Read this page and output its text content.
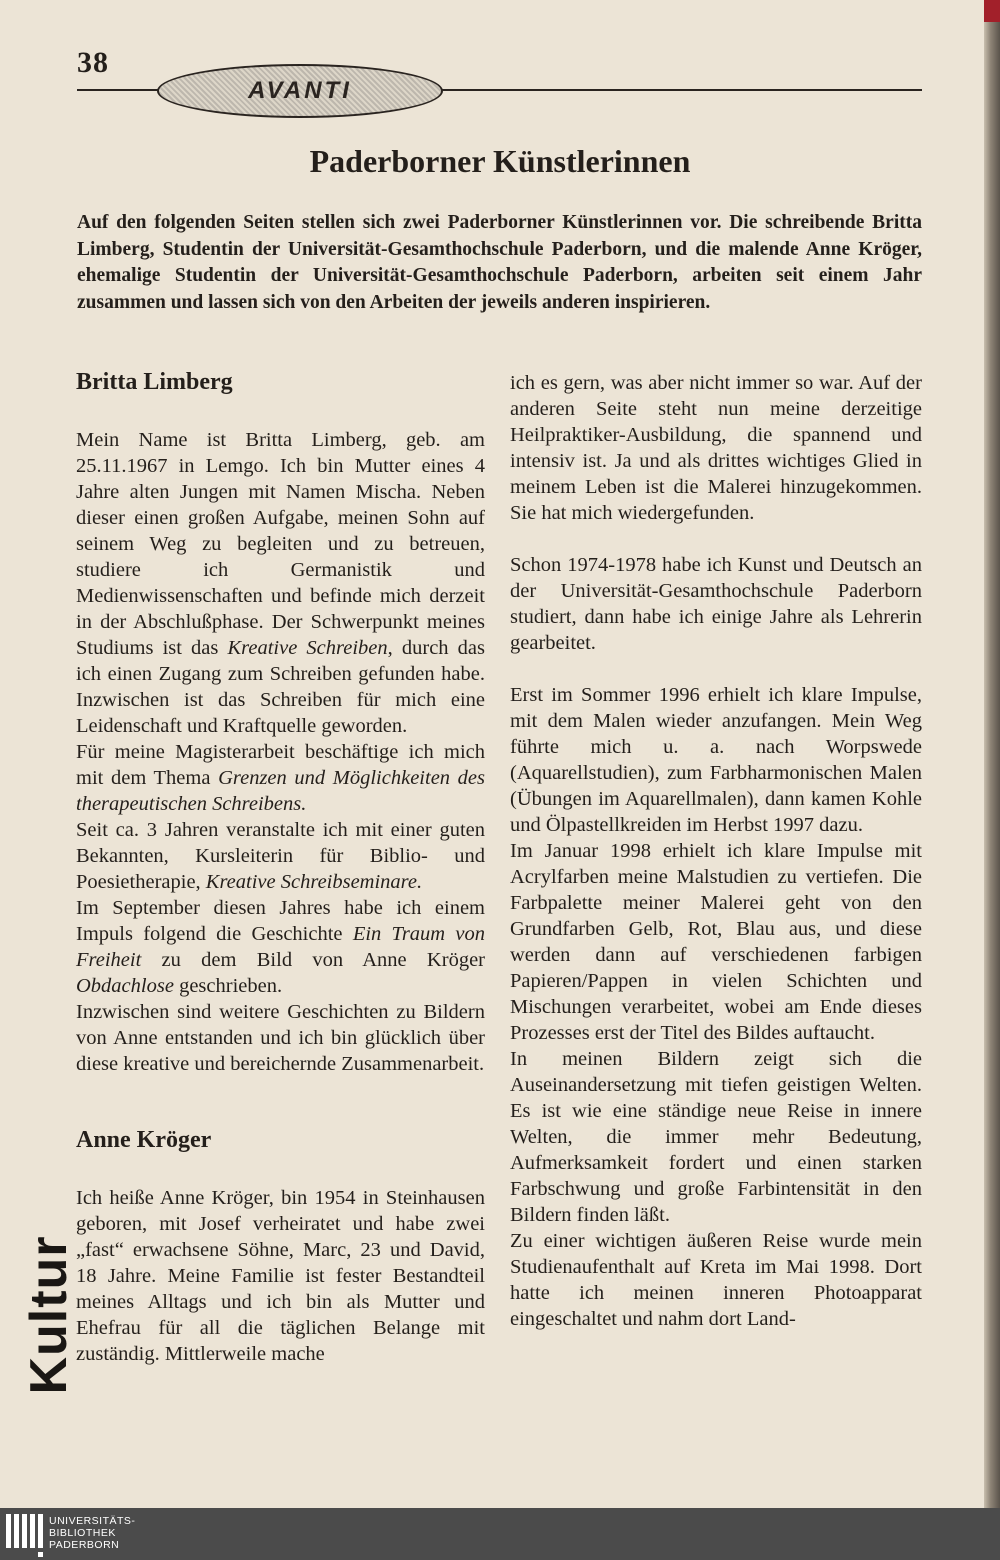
38
AVANTI
Paderborner Künstlerinnen

Auf den folgenden Seiten stellen sich zwei Paderborner Künstlerinnen vor. Die schreibende Britta Limberg, Studentin der Universität-Gesamthochschule Paderborn, und die malende Anne Kröger, ehemalige Studentin der Universität-Gesamthochschule Paderborn, arbeiten seit einem Jahr zusammen und lassen sich von den Arbeiten der jeweils anderen inspirieren.

Britta Limberg

Mein Name ist Britta Limberg, geb. am 25.11.1967 in Lemgo. Ich bin Mutter eines 4 Jahre alten Jungen mit Namen Mischa. Neben dieser einen großen Aufgabe, meinen Sohn auf seinem Weg zu begleiten und zu betreuen, studiere ich Germanistik und Medienwissenschaften und befinde mich derzeit in der Abschlußphase. Der Schwerpunkt meines Studiums ist das Kreative Schreiben, durch das ich einen Zugang zum Schreiben gefunden habe. Inzwischen ist das Schreiben für mich eine Leidenschaft und Kraftquelle geworden.

Für meine Magisterarbeit beschäftige ich mich mit dem Thema Grenzen und Möglichkeiten des therapeutischen Schreibens.

Seit ca. 3 Jahren veranstalte ich mit einer guten Bekannten, Kursleiterin für Biblio- und Poesietherapie, Kreative Schreibseminare.

Im September diesen Jahres habe ich einem Impuls folgend die Geschichte Ein Traum von Freiheit zu dem Bild von Anne Kröger Obdachlose geschrieben.

Inzwischen sind weitere Geschichten zu Bildern von Anne entstanden und ich bin glücklich über diese kreative und bereichernde Zusammenarbeit.

Anne Kröger

Ich heiße Anne Kröger, bin 1954 in Steinhausen geboren, mit Josef verheiratet und habe zwei „fast“ erwachsene Söhne, Marc, 23 und David, 18 Jahre. Meine Familie ist fester Bestandteil meines Alltags und ich bin als Mutter und Ehefrau für all die täglichen Belange mit zuständig. Mittlerweile mache

ich es gern, was aber nicht immer so war. Auf der anderen Seite steht nun meine derzeitige Heilpraktiker-Ausbildung, die spannend und intensiv ist. Ja und als drittes wichtiges Glied in meinem Leben ist die Malerei hinzugekommen. Sie hat mich wiedergefunden.

Schon 1974-1978 habe ich Kunst und Deutsch an der Universität-Gesamthochschule Paderborn studiert, dann habe ich einige Jahre als Lehrerin gearbeitet.

Erst im Sommer 1996 erhielt ich klare Impulse, mit dem Malen wieder anzufangen. Mein Weg führte mich u. a. nach Worpswede (Aquarellstudien), zum Farbharmonischen Malen (Übungen im Aquarellmalen), dann kamen Kohle und Ölpastellkreiden im Herbst 1997 dazu.

Im Januar 1998 erhielt ich klare Impulse mit Acrylfarben meine Malstudien zu vertiefen. Die Farbpalette meiner Malerei geht von den Grundfarben Gelb, Rot, Blau aus, und diese werden dann auf verschiedenen farbigen Papieren/Pappen in vielen Schichten und Mischungen verarbeitet, wobei am Ende dieses Prozesses erst der Titel des Bildes auftaucht.

In meinen Bildern zeigt sich die Auseinandersetzung mit tiefen geistigen Welten. Es ist wie eine ständige neue Reise in innere Welten, die immer mehr Bedeutung, Aufmerksamkeit fordert und einen starken Farbschwung und große Farbintensität in den Bildern finden läßt.

Zu einer wichtigen äußeren Reise wurde mein Studienaufenthalt auf Kreta im Mai 1998. Dort hatte ich meinen inneren Photoapparat eingeschaltet und nahm dort Land-

Kultur
UNIVERSITÄTS-
BIBLIOTHEK
PADERBORN
